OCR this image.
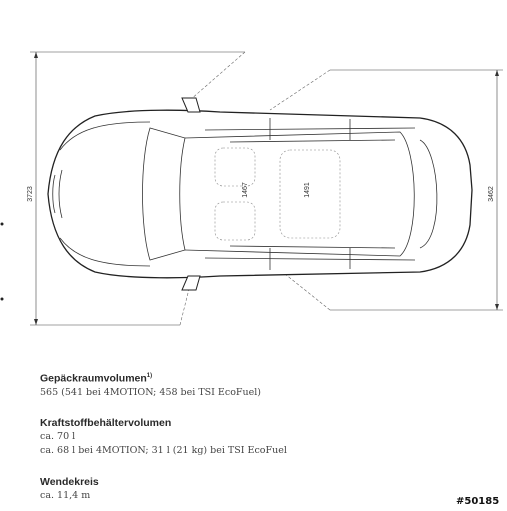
3723	3462
1467	1491

Gepäckraumvolumen$^{1)}$

565 (541 bei 4MOTION; 458 bei TSI EcoFuel)

Kraftstoffbehältervolumen

ca. 70 l

ca. 68 l bei 4MOTION; 31 l (21 kg) bei TSI EcoFuel

Wendekreis

ca. 11,4 m

#50185
